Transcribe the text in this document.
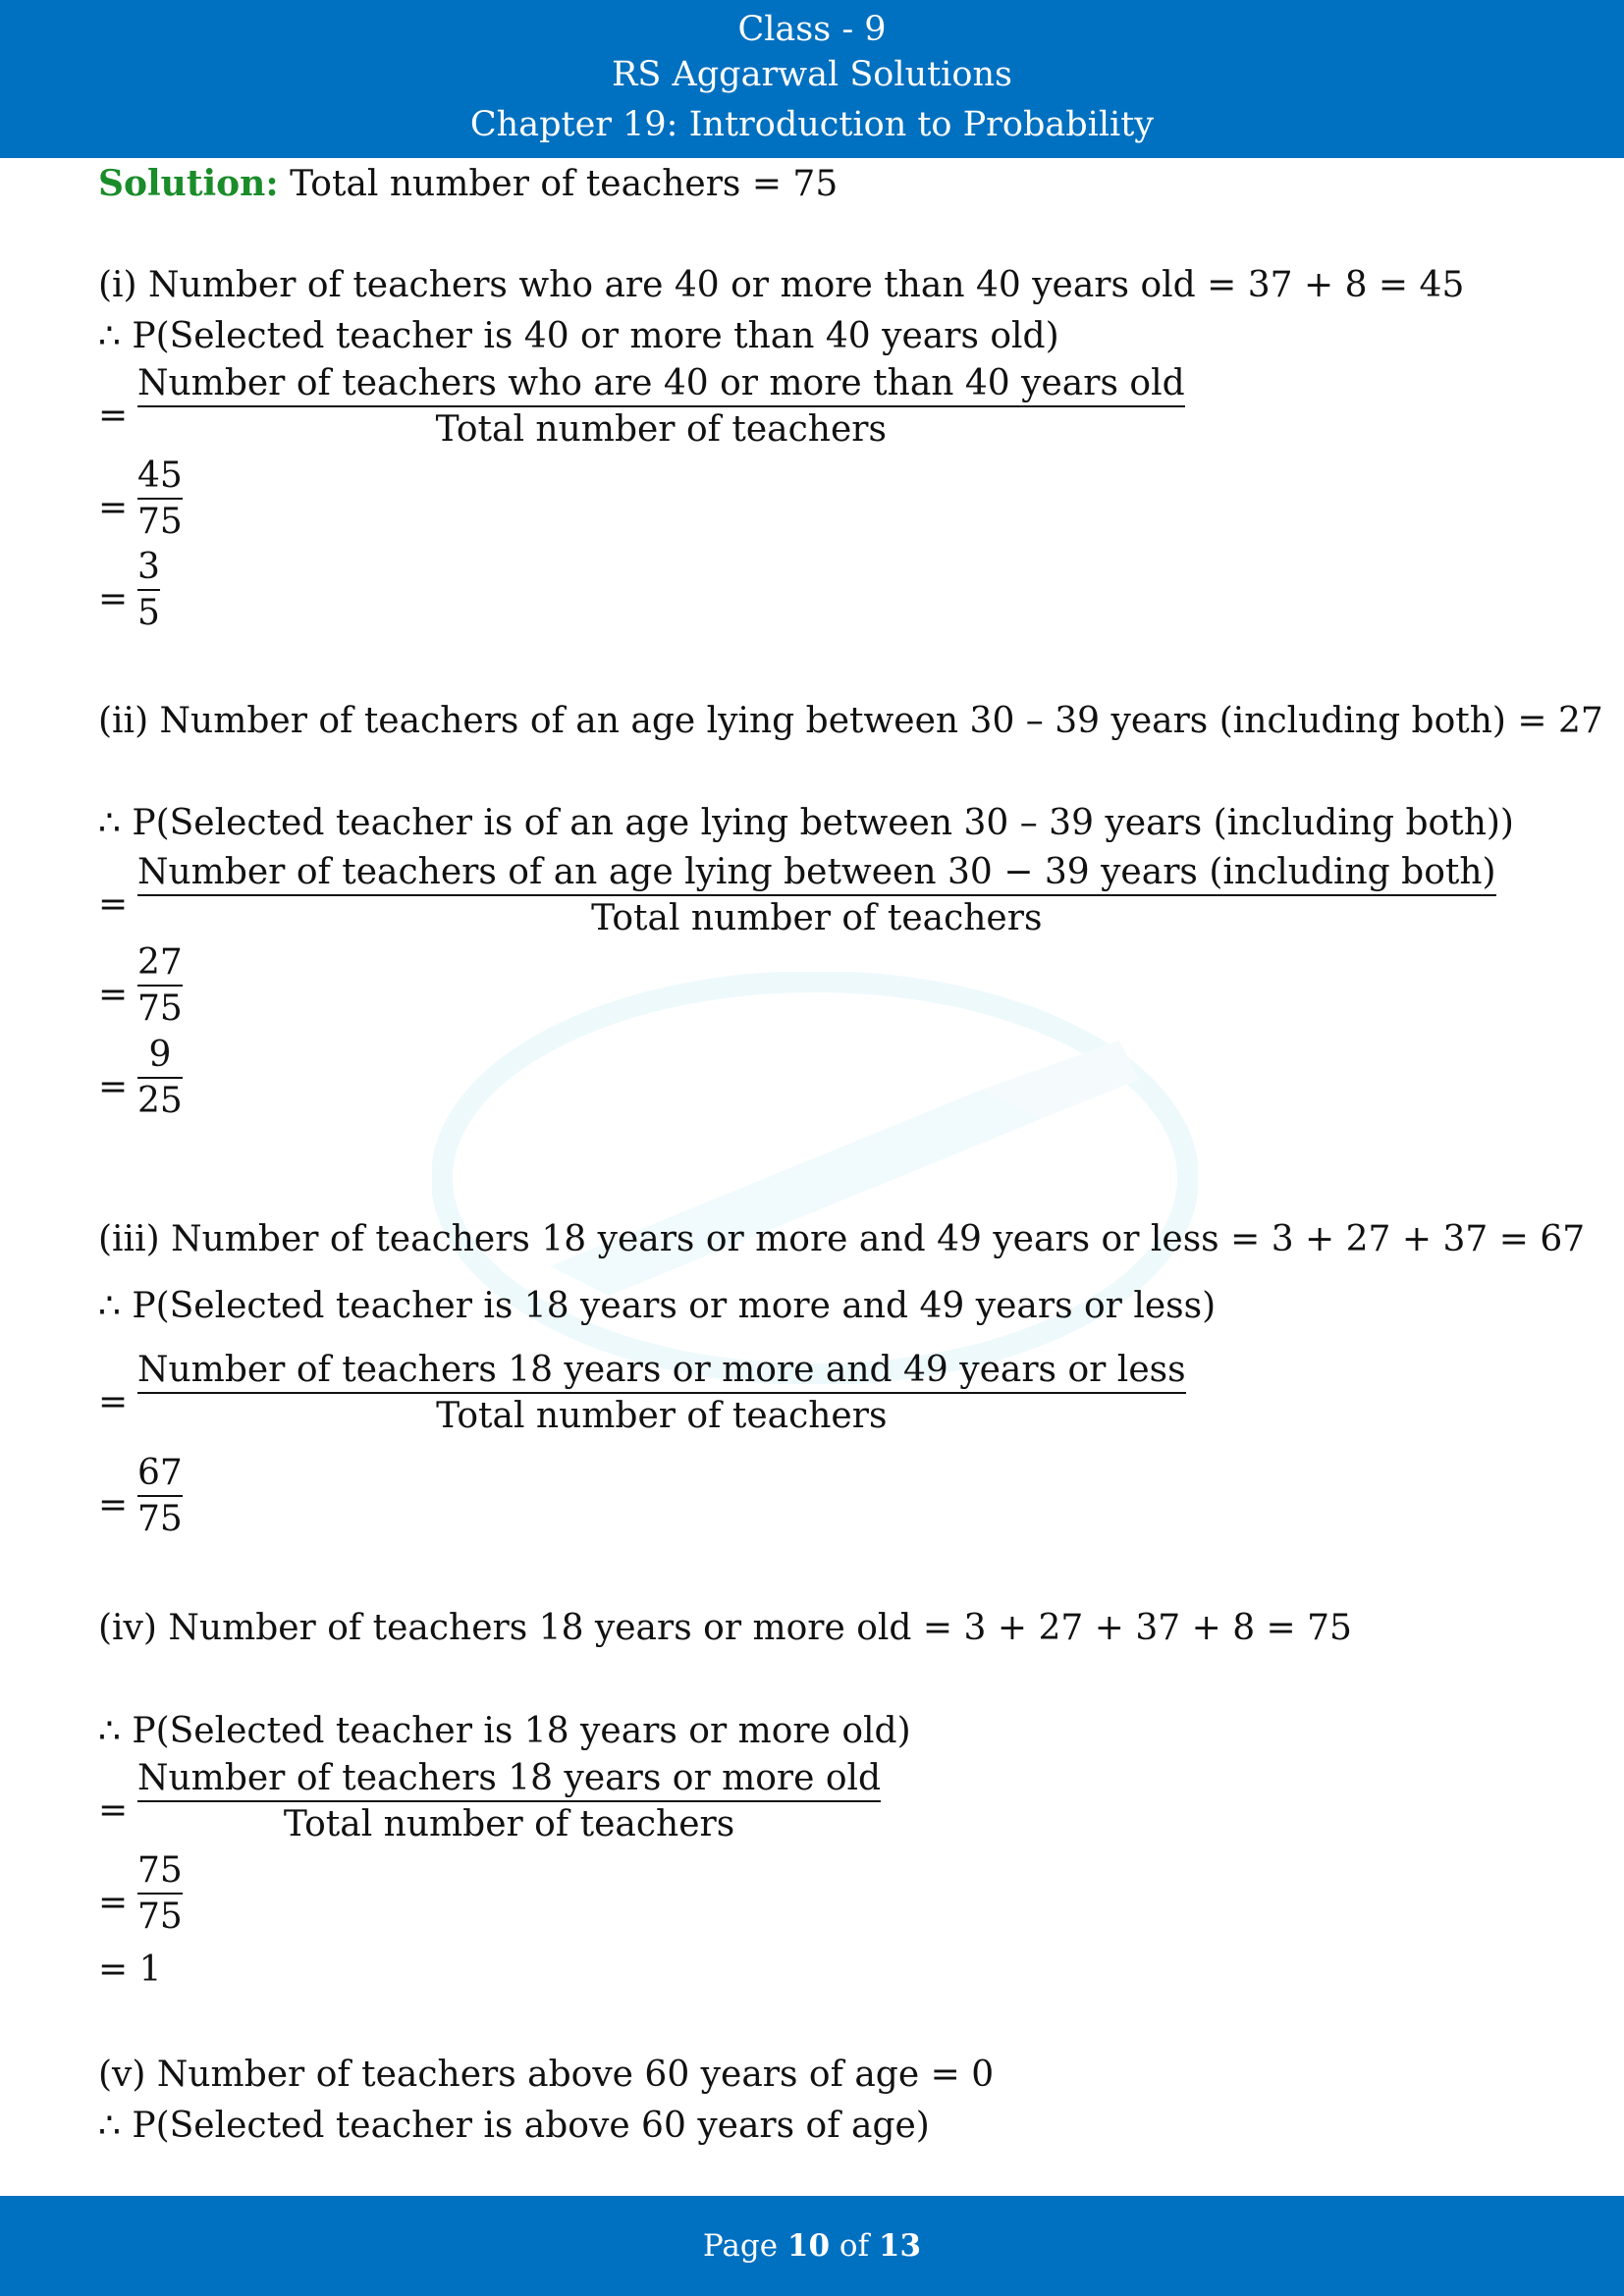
Class - 9
RS Aggarwal Solutions
Chapter 19: Introduction to Probability
Solution: Total number of teachers = 75
(i) Number of teachers who are 40 or more than 40 years old = 37 + 8 = 45
∴ P(Selected teacher is 40 or more than 40 years old)
=
Number of teachers who are 40 or more than 40 years old
Total number of teachers
=
45
75
=
3
5
(ii) Number of teachers of an age lying between 30 – 39 years (including both) = 27
∴ P(Selected teacher is of an age lying between 30 – 39 years (including both))
=
Number of teachers of an age lying between 30 − 39 years (including both)
Total number of teachers
=
27
75
=
9
25
(iii) Number of teachers 18 years or more and 49 years or less = 3 + 27 + 37 = 67
∴ P(Selected teacher is 18 years or more and 49 years or less)
=
Number of teachers 18 years or more and 49 years or less
Total number of teachers
=
67
75
(iv) Number of teachers 18 years or more old = 3 + 27 + 37 + 8 = 75
∴ P(Selected teacher is 18 years or more old)
=
Number of teachers 18 years or more old
Total number of teachers
=
75
75
= 1
(v) Number of teachers above 60 years of age = 0
∴ P(Selected teacher is above 60 years of age)
Page 10 of 13
